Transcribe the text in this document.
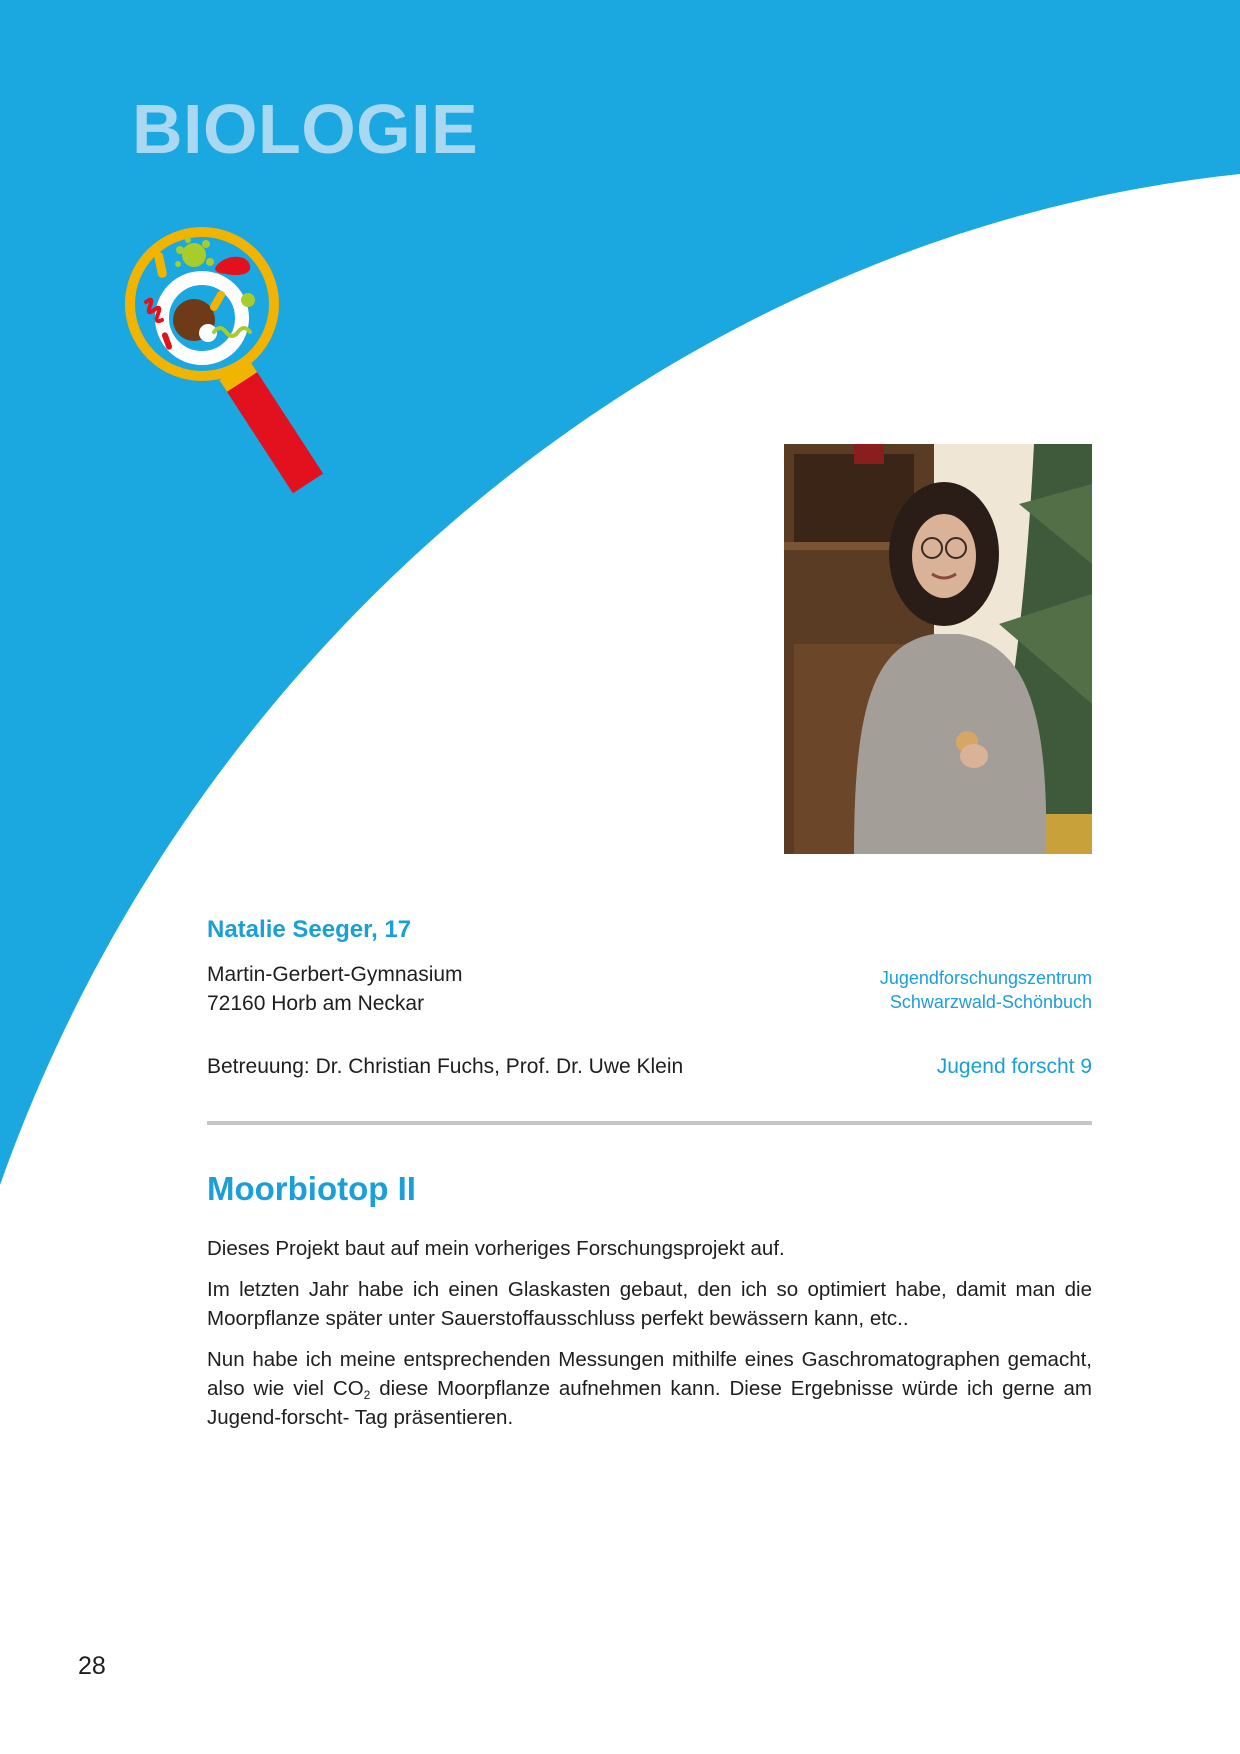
BIOLOGIE
Natalie Seeger, 17
Martin-Gerbert-Gymnasium
72160 Horb am Neckar
Jugendforschungszentrum
Schwarzwald-Schönbuch
Betreuung: Dr. Christian Fuchs, Prof. Dr. Uwe Klein	Jugend forscht 9
Moorbiotop II

Dieses Projekt baut auf mein vorheriges Forschungsprojekt auf.

Im letzten Jahr habe ich einen Glaskasten gebaut, den ich so optimiert habe, damit man die Moorpflanze später unter Sauerstoffausschluss perfekt bewässern kann, etc..

Nun habe ich meine entsprechenden Messungen mithilfe eines Gaschromatographen gemacht, also wie viel $CO_2$ diese Moorpflanze aufnehmen kann. Diese Ergebnisse würde ich gerne am Jugend-forscht- Tag präsentieren.

28
